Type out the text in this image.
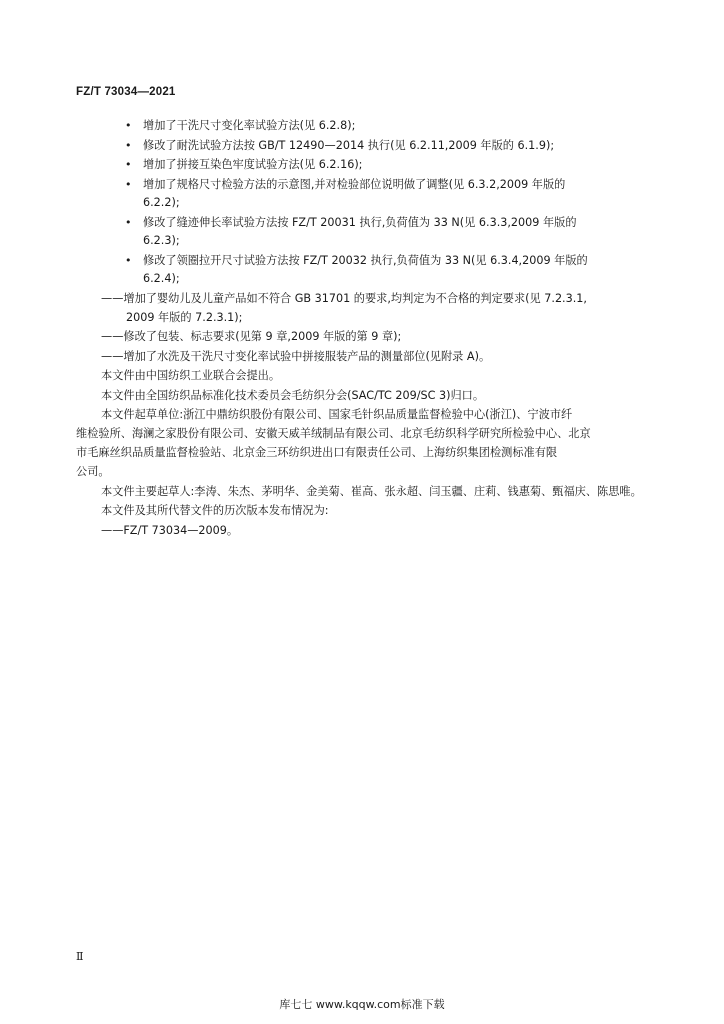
FZ/T 73034—2021
• 增加了干洗尺寸变化率试验方法(见 6.2.8);
• 修改了耐洗试验方法按 GB/T 12490—2014 执行(见 6.2.11,2009 年版的 6.1.9);
• 增加了拼接互染色牢度试验方法(见 6.2.16);
• 增加了规格尺寸检验方法的示意图,并对检验部位说明做了调整(见 6.3.2,2009 年版的
6.2.2);
• 修改了缝迹伸长率试验方法按 FZ/T 20031 执行,负荷值为 33 N(见 6.3.3,2009 年版的
6.2.3);
• 修改了领圈拉开尺寸试验方法按 FZ/T 20032 执行,负荷值为 33 N(见 6.3.4,2009 年版的
6.2.4);
——增加了婴幼儿及儿童产品如不符合 GB 31701 的要求,均判定为不合格的判定要求(见 7.2.3.1,
2009 年版的 7.2.3.1);
——修改了包装、标志要求(见第 9 章,2009 年版的第 9 章);
——增加了水洗及干洗尺寸变化率试验中拼接服装产品的测量部位(见附录 A)。
本文件由中国纺织工业联合会提出。
本文件由全国纺织品标准化技术委员会毛纺织分会(SAC/TC 209/SC 3)归口。
本文件起草单位:浙江中鼎纺织股份有限公司、国家毛针织品质量监督检验中心(浙江)、宁波市纤
维检验所、海澜之家股份有限公司、安徽天威羊绒制品有限公司、北京毛纺织科学研究所检验中心、北京
市毛麻丝织品质量监督检验站、北京金三环纺织进出口有限责任公司、上海纺织集团检测标准有限
公司。
本文件主要起草人:李涛、朱杰、茅明华、金美菊、崔高、张永超、闫玉疆、庄莉、钱惠菊、甄福庆、陈思唯。
本文件及其所代替文件的历次版本发布情况为:
——FZ/T 73034—2009。
Ⅱ
库七七 www.kqqw.com标准下载
